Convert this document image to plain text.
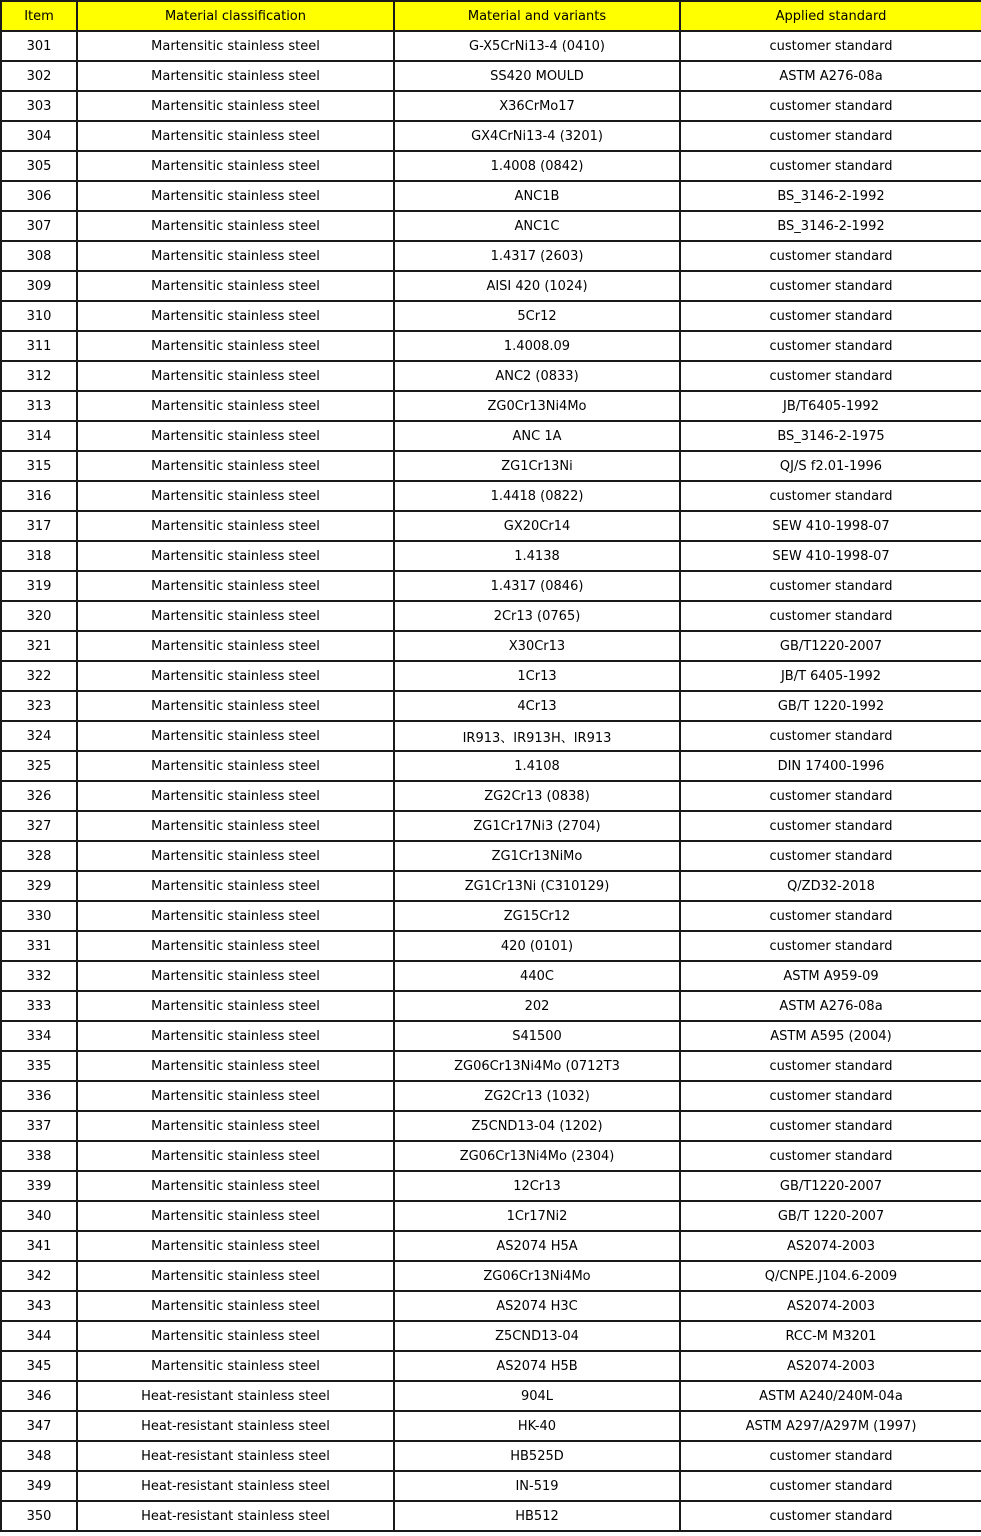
Item	Material classification	Material and variants	Applied standard
301	Martensitic stainless steel	G-X5CrNi13-4 (0410)	customer standard
302	Martensitic stainless steel	SS420 MOULD	ASTM A276-08a
303	Martensitic stainless steel	X36CrMo17	customer standard
304	Martensitic stainless steel	GX4CrNi13-4 (3201)	customer standard
305	Martensitic stainless steel	1.4008 (0842)	customer standard
306	Martensitic stainless steel	ANC1B	BS_3146-2-1992
307	Martensitic stainless steel	ANC1C	BS_3146-2-1992
308	Martensitic stainless steel	1.4317 (2603)	customer standard
309	Martensitic stainless steel	AISI 420 (1024)	customer standard
310	Martensitic stainless steel	5Cr12	customer standard
311	Martensitic stainless steel	1.4008.09	customer standard
312	Martensitic stainless steel	ANC2 (0833)	customer standard
313	Martensitic stainless steel	ZG0Cr13Ni4Mo	JB/T6405-1992
314	Martensitic stainless steel	ANC 1A	BS_3146-2-1975
315	Martensitic stainless steel	ZG1Cr13Ni	QJ/S f2.01-1996
316	Martensitic stainless steel	1.4418 (0822)	customer standard
317	Martensitic stainless steel	GX20Cr14	SEW 410-1998-07
318	Martensitic stainless steel	1.4138	SEW 410-1998-07
319	Martensitic stainless steel	1.4317 (0846)	customer standard
320	Martensitic stainless steel	2Cr13 (0765)	customer standard
321	Martensitic stainless steel	X30Cr13	GB/T1220-2007
322	Martensitic stainless steel	1Cr13	JB/T 6405-1992
323	Martensitic stainless steel	4Cr13	GB/T 1220-1992
324	Martensitic stainless steel	IR913、IR913H、IR913	customer standard
325	Martensitic stainless steel	1.4108	DIN 17400-1996
326	Martensitic stainless steel	ZG2Cr13 (0838)	customer standard
327	Martensitic stainless steel	ZG1Cr17Ni3 (2704)	customer standard
328	Martensitic stainless steel	ZG1Cr13NiMo	customer standard
329	Martensitic stainless steel	ZG1Cr13Ni (C310129)	Q/ZD32-2018
330	Martensitic stainless steel	ZG15Cr12	customer standard
331	Martensitic stainless steel	420 (0101)	customer standard
332	Martensitic stainless steel	440C	ASTM A959-09
333	Martensitic stainless steel	202	ASTM A276-08a
334	Martensitic stainless steel	S41500	ASTM A595 (2004)
335	Martensitic stainless steel	ZG06Cr13Ni4Mo (0712T3	customer standard
336	Martensitic stainless steel	ZG2Cr13 (1032)	customer standard
337	Martensitic stainless steel	Z5CND13-04 (1202)	customer standard
338	Martensitic stainless steel	ZG06Cr13Ni4Mo (2304)	customer standard
339	Martensitic stainless steel	12Cr13	GB/T1220-2007
340	Martensitic stainless steel	1Cr17Ni2	GB/T 1220-2007
341	Martensitic stainless steel	AS2074 H5A	AS2074-2003
342	Martensitic stainless steel	ZG06Cr13Ni4Mo	Q/CNPE.J104.6-2009
343	Martensitic stainless steel	AS2074 H3C	AS2074-2003
344	Martensitic stainless steel	Z5CND13-04	RCC-M M3201
345	Martensitic stainless steel	AS2074 H5B	AS2074-2003
346	Heat-resistant stainless steel	904L	ASTM A240/240M-04a
347	Heat-resistant stainless steel	HK-40	ASTM A297/A297M (1997)
348	Heat-resistant stainless steel	HB525D	customer standard
349	Heat-resistant stainless steel	IN-519	customer standard
350	Heat-resistant stainless steel	HB512	customer standard
